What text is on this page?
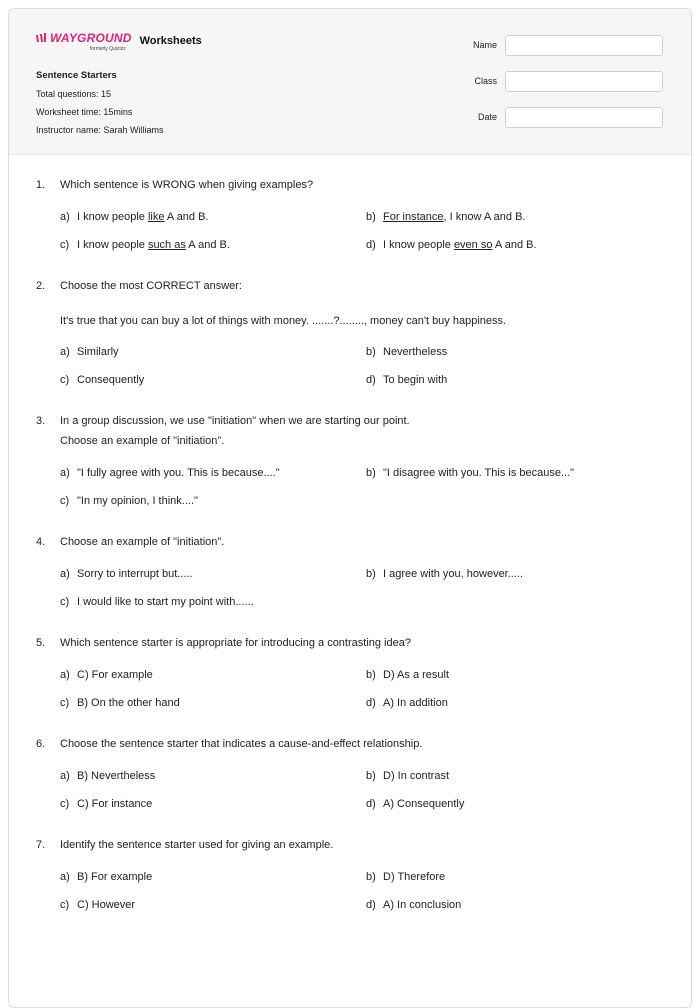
WAYGROUND
formerly Quizizz
Worksheets
Sentence Starters
Total questions: 15
Worksheet time: 15mins
Instructor name: Sarah Williams
Name
Class
Date
1.	Which sentence is WRONG when giving examples?
a) I know people like A and B.	b) For instance, I know A and B.
c) I know people such as A and B.	d) I know people even so A and B.
2.	Choose the most CORRECT answer:
It's true that you can buy a lot of things with money. .......?........, money can't buy happiness.
a) Similarly	b) Nevertheless
c) Consequently	d) To begin with
3.	In a group discussion, we use "initiation" when we are starting our point.
Choose an example of "initiation".
a) "I fully agree with you. This is because...."	b) "I disagree with you. This is because..."
c) "In my opinion, I think...."
4.	Choose an example of "initiation".
a) Sorry to interrupt but.....	b) I agree with you, however.....
c) I would like to start my point with......
5.	Which sentence starter is appropriate for introducing a contrasting idea?
a) C) For example	b) D) As a result
c) B) On the other hand	d) A) In addition
6.	Choose the sentence starter that indicates a cause-and-effect relationship.
a) B) Nevertheless	b) D) In contrast
c) C) For instance	d) A) Consequently
7.	Identify the sentence starter used for giving an example.
a) B) For example	b) D) Therefore
c) C) However	d) A) In conclusion
